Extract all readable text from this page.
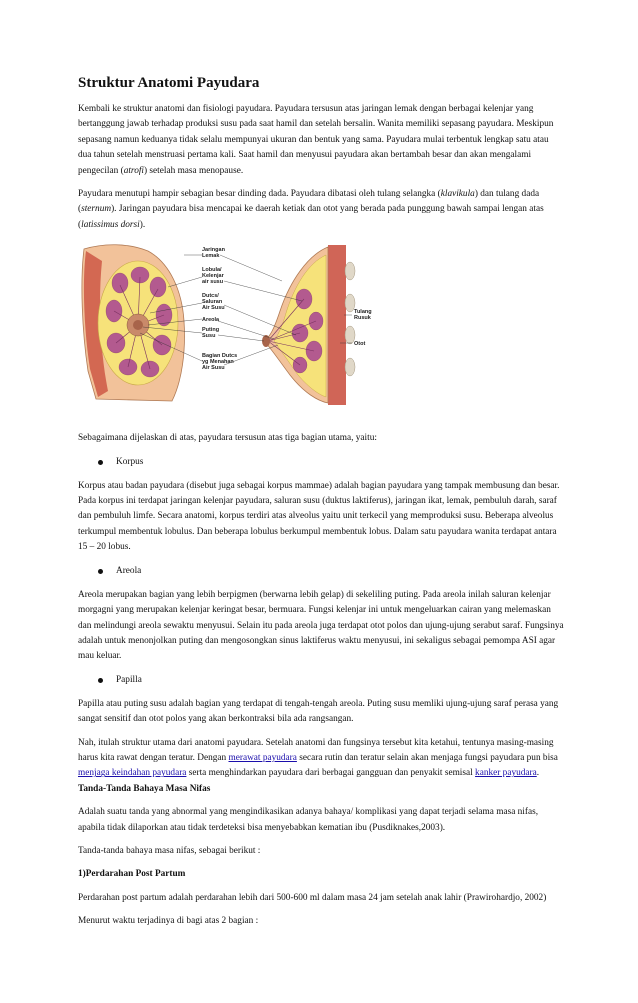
Struktur Anatomi Payudara

Kembali ke struktur anatomi dan fisiologi payudara. Payudara tersusun atas jaringan lemak dengan berbagai kelenjar yang bertanggung jawab terhadap produksi susu pada saat hamil dan setelah bersalin. Wanita memiliki sepasang payudara. Meskipun sepasang namun keduanya tidak selalu mempunyai ukuran dan bentuk yang sama. Payudara mulai terbentuk lengkap satu atau dua tahun setelah menstruasi pertama kali. Saat hamil dan menyusui payudara akan bertambah besar dan akan mengalami pengecilan (atrofi) setelah masa menopause.

Payudara menutupi hampir sebagian besar dinding dada. Payudara dibatasi oleh tulang selangka (klavikula) dan tulang dada (sternum). Jaringan payudara bisa mencapai ke daerah ketiak dan otot yang berada pada punggung bawah sampai lengan atas (latissimus dorsi).

Jaringan Lemak
Lobula/ Kelenjar air susu
Dutcs/ Saluran Air Susu
Areola
Puting Susu
Bagian Dutcs yg Menahan Air Susu
Tulang Rusuk
Otot

Sebagaimana dijelaskan di atas, payudara tersusun atas tiga bagian utama, yaitu:

Korpus

Korpus atau badan payudara (disebut juga sebagai korpus mammae) adalah bagian payudara yang tampak membusung dan besar. Pada korpus ini terdapat jaringan kelenjar payudara, saluran susu (duktus laktiferus), jaringan ikat, lemak, pembuluh darah, saraf dan pembuluh limfe. Secara anatomi, korpus terdiri atas alveolus yaitu unit terkecil yang memproduksi susu. Beberapa alveolus terkumpul membentuk lobulus. Dan beberapa lobulus berkumpul membentuk lobus. Dalam satu payudara wanita terdapat antara 15 – 20 lobus.

Areola

Areola merupakan bagian yang lebih berpigmen (berwarna lebih gelap) di sekeliling puting. Pada areola inilah saluran kelenjar morgagni yang merupakan kelenjar keringat besar, bermuara. Fungsi kelenjar ini untuk mengeluarkan cairan yang melemaskan dan melindungi areola sewaktu menyusui. Selain itu pada areola juga terdapat otot polos dan ujung-ujung serabut saraf. Fungsinya adalah untuk menonjolkan puting dan mengosongkan sinus laktiferus waktu menyusui, ini sekaligus sebagai pemompa ASI agar mau keluar.

Papilla

Papilla atau puting susu adalah bagian yang terdapat di tengah-tengah areola. Puting susu memliki ujung-ujung saraf perasa yang sangat sensitif dan otot polos yang akan berkontraksi bila ada rangsangan.

Nah, itulah struktur utama dari anatomi payudara. Setelah anatomi dan fungsinya tersebut kita ketahui, tentunya masing-masing harus kita rawat dengan teratur. Dengan merawat payudara secara rutin dan teratur selain akan menjaga fungsi payudara pun bisa menjaga keindahan payudara serta menghindarkan payudara dari berbagai gangguan dan penyakit semisal kanker payudara. Tanda-Tanda Bahaya Masa Nifas

Adalah suatu tanda yang abnormal yang mengindikasikan adanya bahaya/ komplikasi yang dapat terjadi selama masa nifas, apabila tidak dilaporkan atau tidak terdeteksi bisa menyebabkan kematian ibu (Pusdiknakes,2003).

Tanda-tanda bahaya masa nifas, sebagai berikut :

1)Perdarahan Post Partum

Perdarahan post partum adalah perdarahan lebih dari 500-600 ml dalam masa 24 jam setelah anak lahir (Prawirohardjo, 2002)

Menurut waktu terjadinya di bagi atas 2 bagian :
